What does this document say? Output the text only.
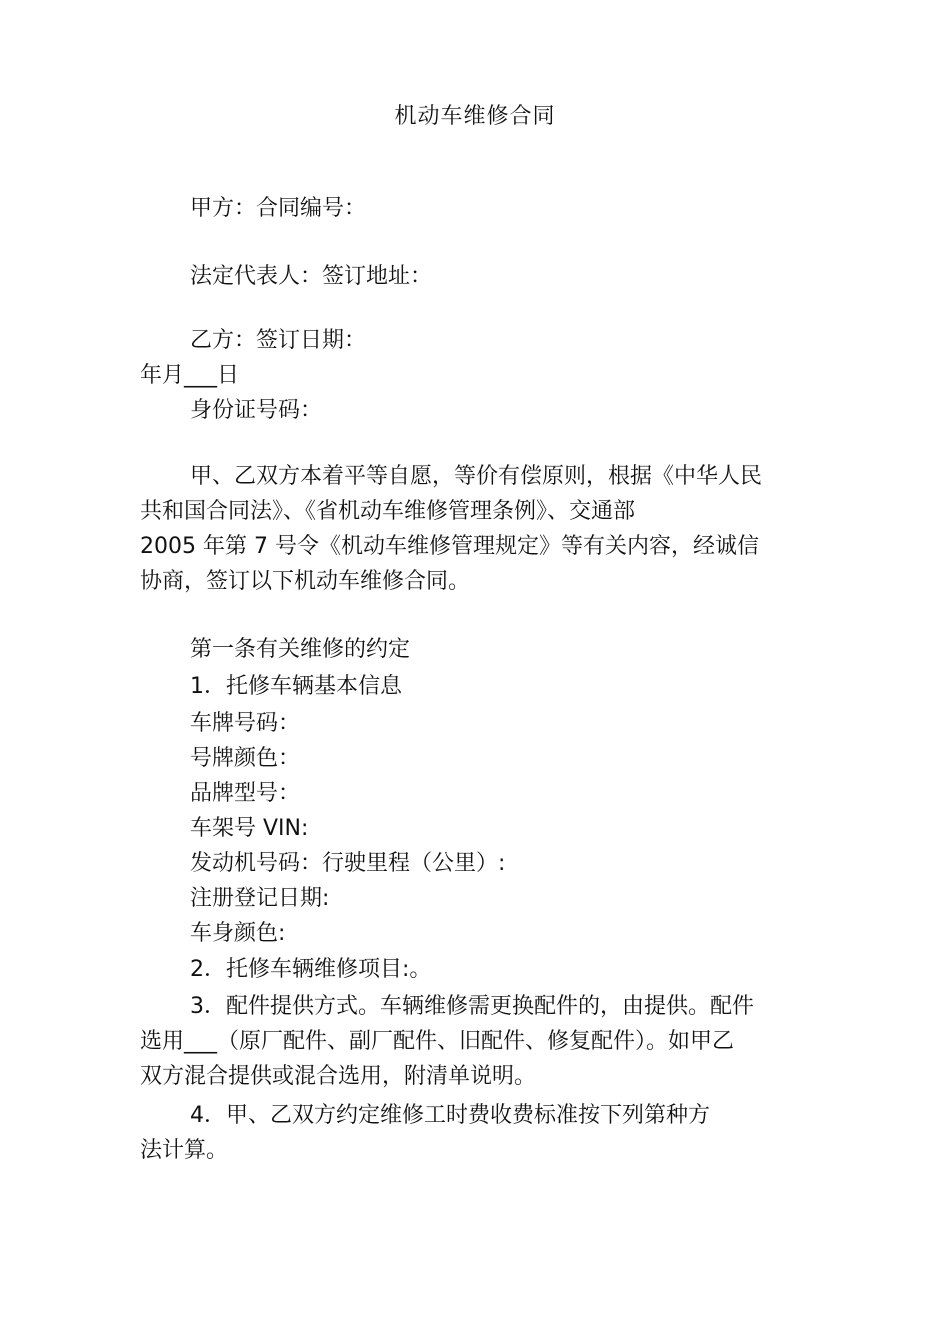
机动车维修合同
甲方：合同编号：
法定代表人：签订地址：
乙方：签订日期：
年月___日
身份证号码：
甲、乙双方本着平等自愿，等价有偿原则，根据《中华人民
共和国合同法》、《省机动车维修管理条例》、交通部
2005 年第 7 号令《机动车维修管理规定》等有关内容，经诚信
协商，签订以下机动车维修合同。
第一条有关维修的约定
1．托修车辆基本信息
车牌号码：
号牌颜色：
品牌型号：
车架号 VIN:
发动机号码：行驶里程（公里）:
注册登记日期:
车身颜色:
2．托修车辆维修项目:。
3．配件提供方式。车辆维修需更换配件的，由提供。配件
选用___（原厂配件、副厂配件、旧配件、修复配件）。如甲乙
双方混合提供或混合选用，附清单说明。
4．甲、乙双方约定维修工时费收费标准按下列第种方
法计算。
